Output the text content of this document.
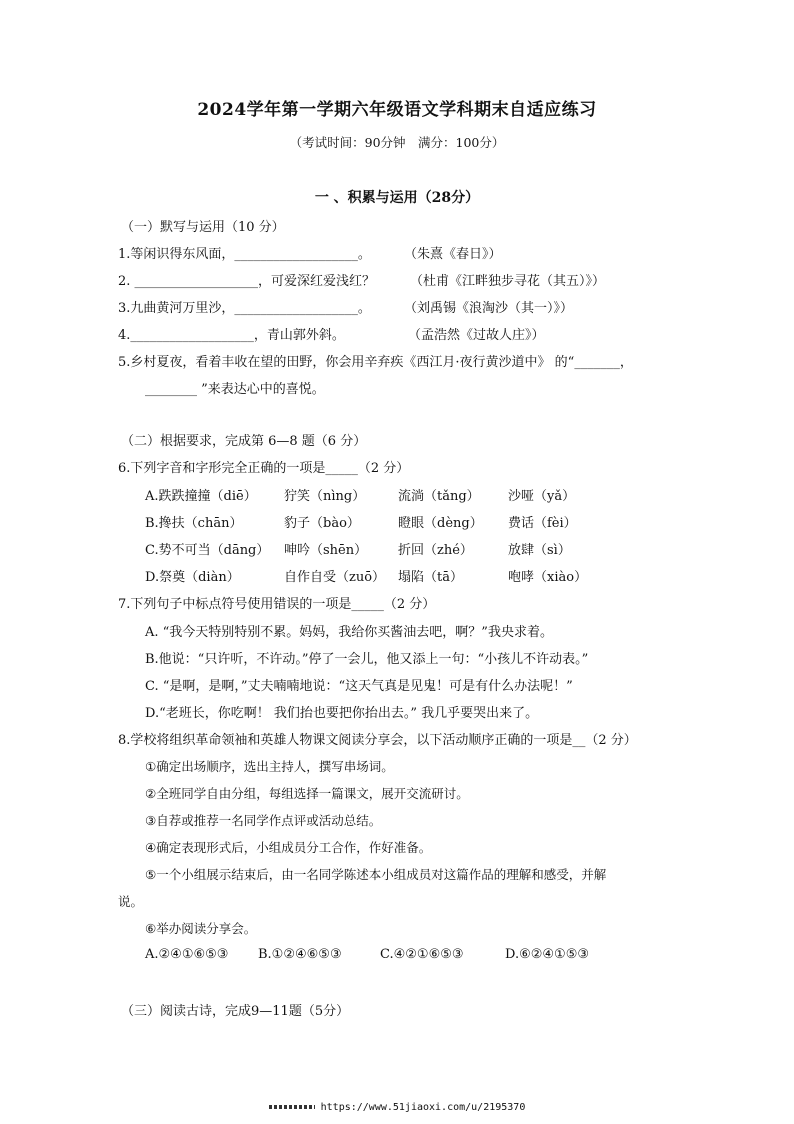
2024学年第一学期六年级语文学科期末自适应练习
（考试时间：90分钟　满分：100分）
一 、积累与运用（28分）
（一）默写与运用（10 分）
1.等闲识得东风面，___________________。	（朱熹《春日》）
2. ___________________，可爱深红爱浅红？	（杜甫《江畔独步寻花（其五）》）
3.九曲黄河万里沙，___________________。	（刘禹锡《浪淘沙（其一）》）
4.___________________，青山郭外斜。	（孟浩然《过故人庄》）
5.乡村夏夜，看着丰收在望的田野，你会用辛弃疾《西江月·夜行黄沙道中》 的“_______，
________ ”来表达心中的喜悦。
（二）根据要求，完成第 6—8 题（6 分）
6.下列字音和字形完全正确的一项是_____（2 分）
A.跌跌撞撞（diē） 狞笑（nìng）	流淌（tǎng） 沙哑（yǎ）
B.搀扶（chān）	豹子（bào）	瞪眼（dèng） 费话（fèi）
C.势不可当（dāng） 呻吟（shēn） 折回（zhé）	放肆（sì）
D.祭奠（diàn）	自作自受（zuō） 塌陷（tā）	咆哮（xiào）
7.下列句子中标点符号使用错误的一项是_____（2 分）
A. “我今天特别特别不累。妈妈，我给你买酱油去吧，啊？”我央求着。
B.他说：“只许听，不许动。”停了一会儿，他又添上一句：“小孩儿不许动表。”
C. “是啊，是啊，”丈夫喃喃地说：“这天气真是见鬼！可是有什么办法呢！”
D.“老班长，你吃啊！ 我们抬也要把你抬出去。” 我几乎要哭出来了。
8.学校将组织革命领袖和英雄人物课文阅读分享会，以下活动顺序正确的一项是__（2 分）
①确定出场顺序，选出主持人，撰写串场词。
②全班同学自由分组，每组选择一篇课文，展开交流研讨。
③自荐或推荐一名同学作点评或活动总结。
④确定表现形式后，小组成员分工合作，作好准备。
⑤一个小组展示结束后，由一名同学陈述本小组成员对这篇作品的理解和感受，并解
说。
⑥举办阅读分享会。
A.②④①⑥⑤③ B.①②④⑥⑤③	C.④②①⑥⑤③	D.⑥②④①⑤③
（三）阅读古诗，完成9—11题（5分）
https://www.51jiaoxi.com/u/2195370
